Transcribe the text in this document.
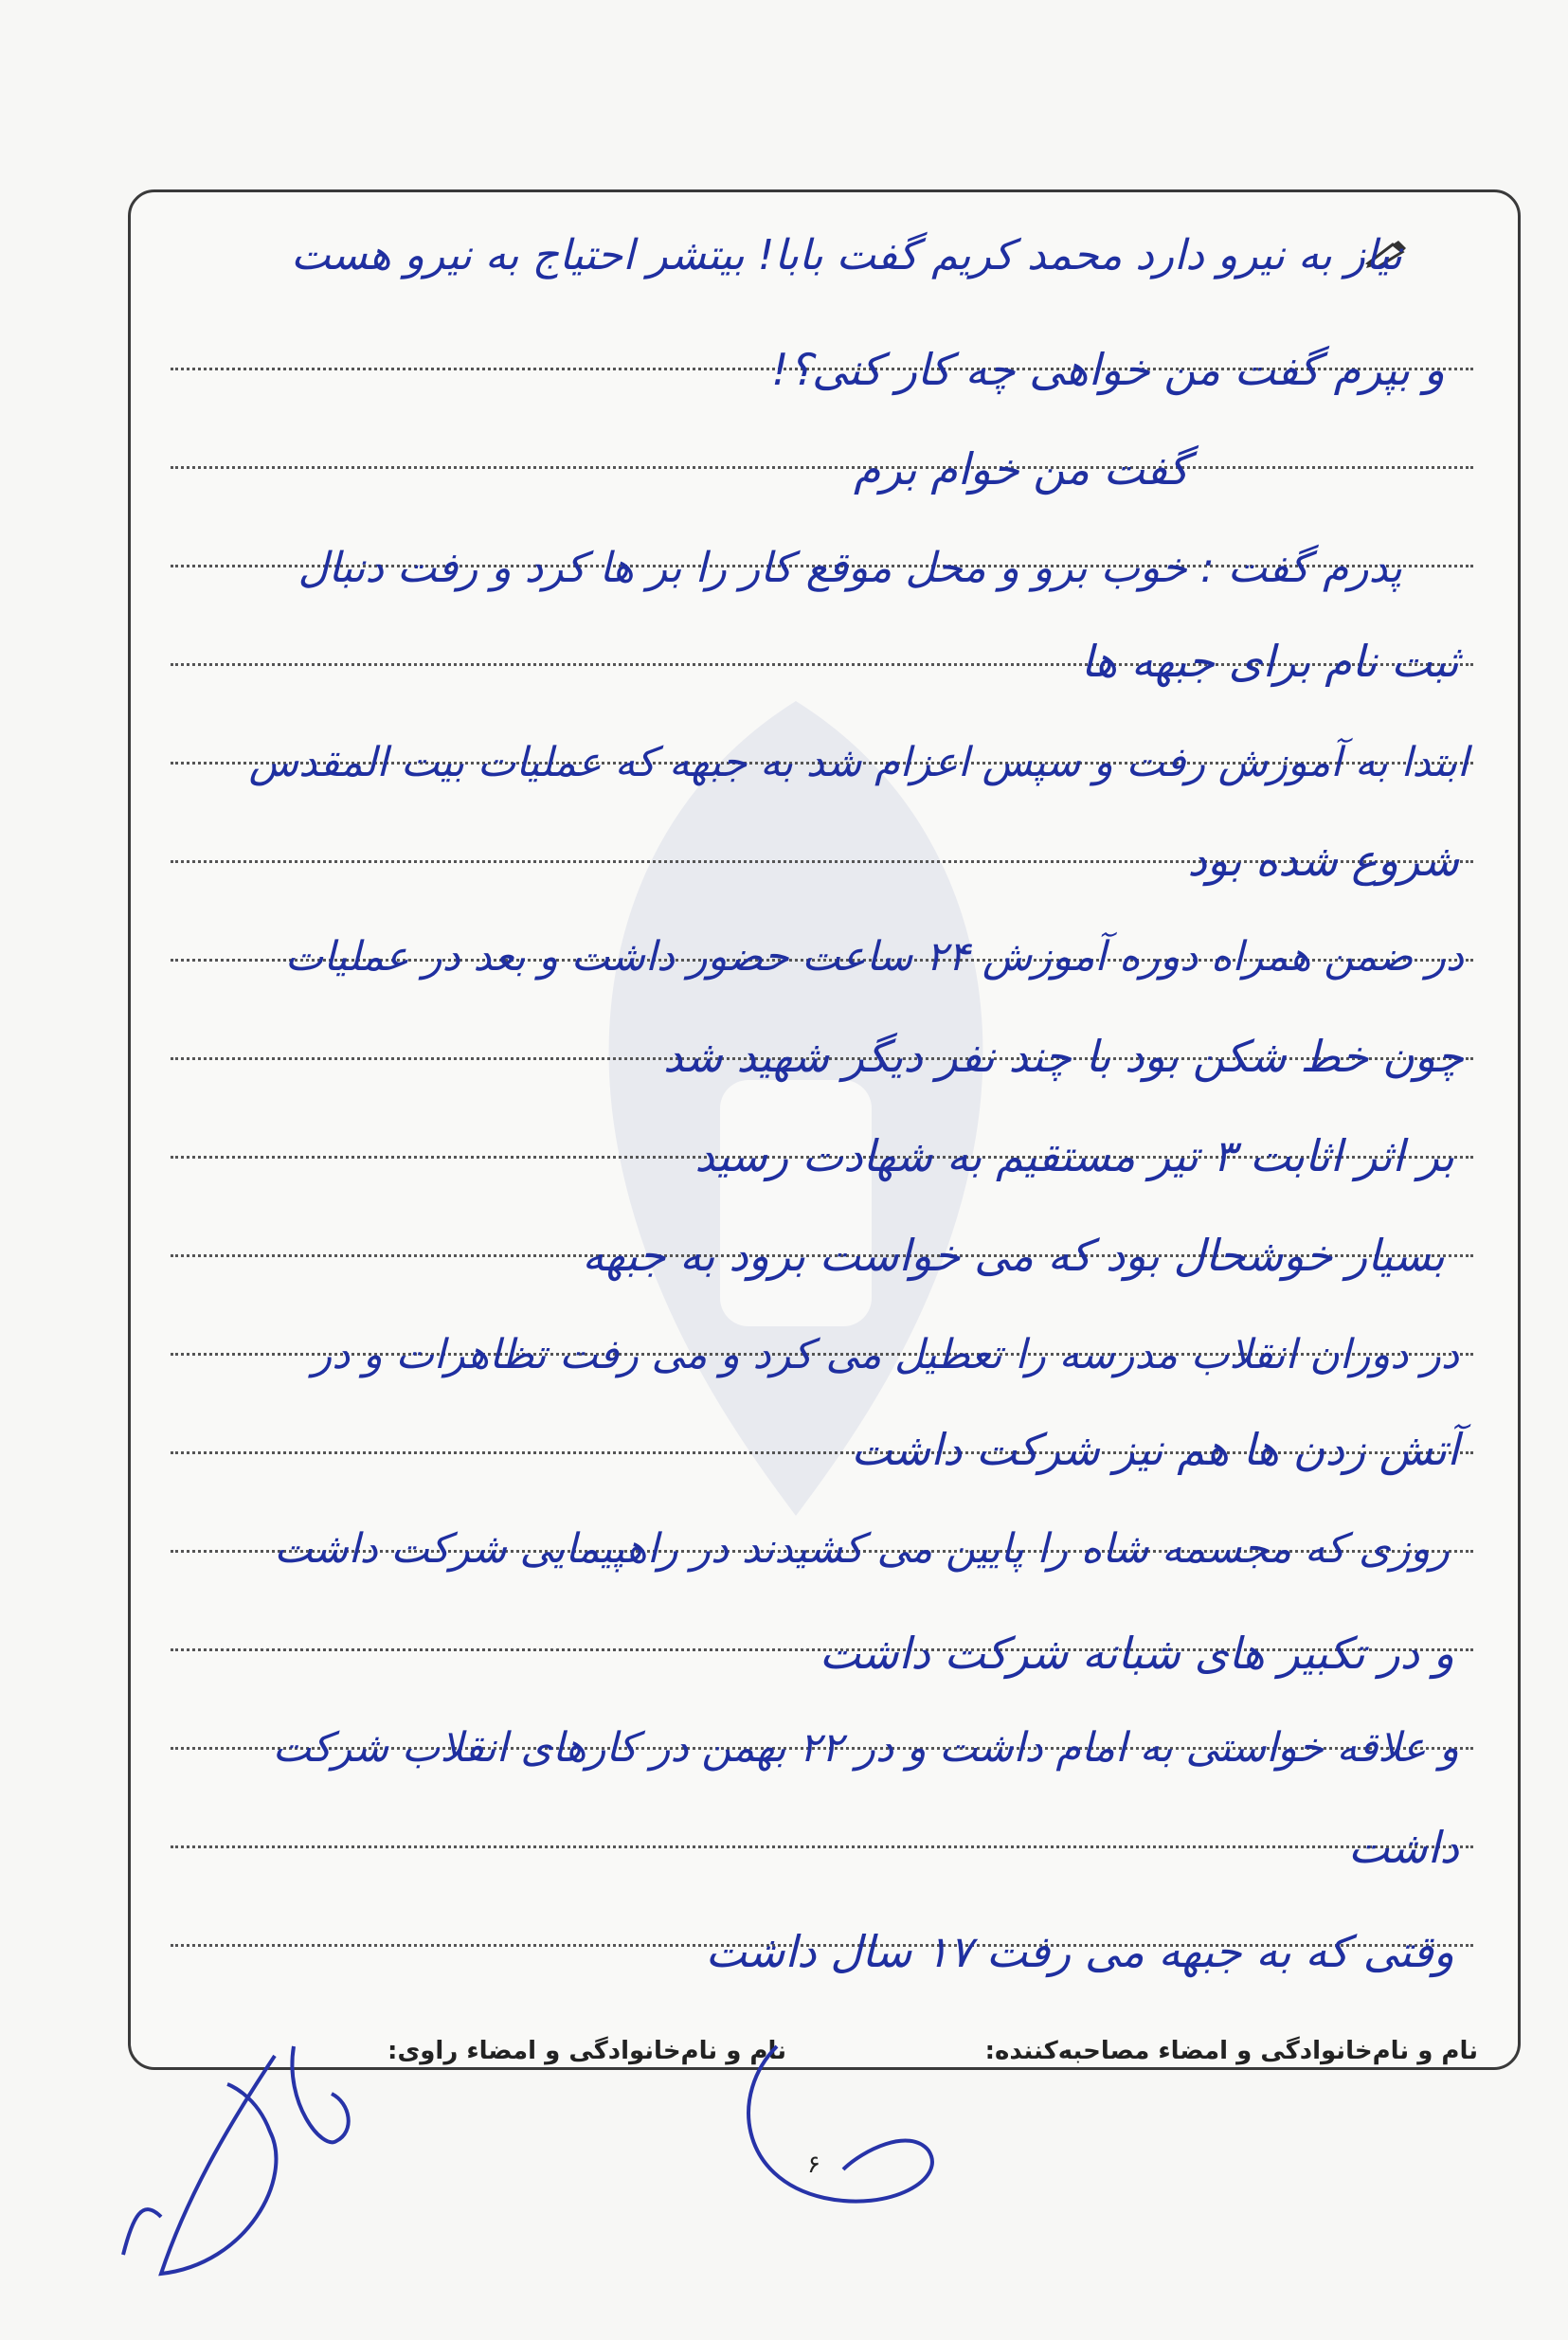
نیاز به نیرو دارد محمد کریم گفت بابا! بیتشر احتیاج به نیرو هست
و بپرم گفت من خواهی چه کار کنی؟!
گفت من خوام برم
پدرم گفت : خوب برو و محل موقع کار را بر ها کرد و رفت دنبال
ثبت نام برای جبهه ها
ابتدا به آموزش رفت و سپس اعزام شد به جبهه که عملیات بیت المقدس
شروع شده بود
در ضمن همراه دوره آموزش ۲۴ ساعت حضور داشت و بعد در عملیات
چون خط شکن بود با چند نفر دیگر شهید شد
بر اثر اثابت ۳ تیر مستقیم به شهادت رسید
بسیار خوشحال بود که می خواست برود به جبهه
در دوران انقلاب مدرسه را تعطیل می کرد و می رفت تظاهرات و در
آتش زدن ها هم نیز شرکت داشت
روزی که مجسمه شاه را پایین می کشیدند در راهپیمایی شرکت داشت
و در تکبیر های شبانه شرکت داشت
و علاقه خواستی به امام داشت و در ۲۲ بهمن در کارهای انقلاب شرکت
داشت
وقتی که به جبهه می رفت ۱۷ سال داشت
نام و نام‌خانوادگی و امضاء مصاحبه‌کننده:
نام و نام‌خانوادگی و امضاء راوی:
۶
